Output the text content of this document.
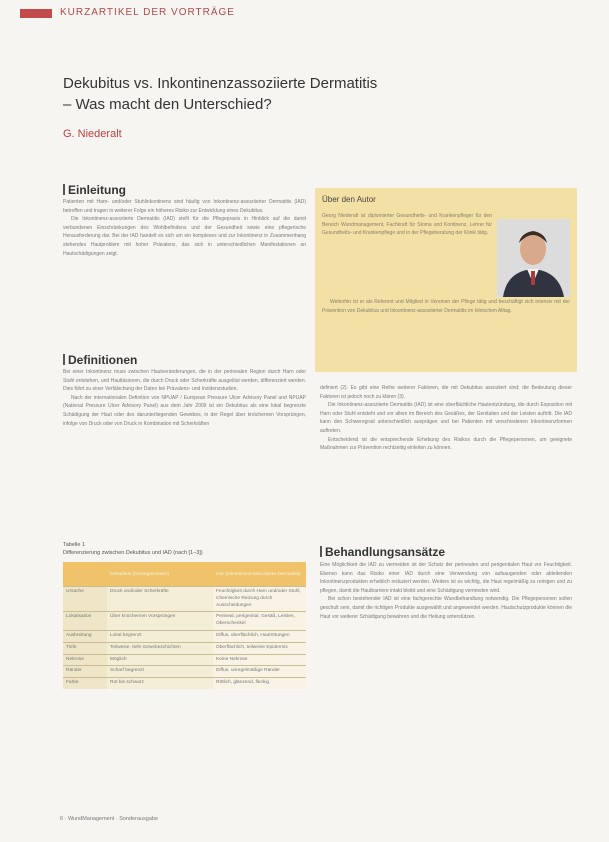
KURZARTIKEL DER VORTRÄGE
Dekubitus vs. Inkontinenzassoziierte Dermatitis
– Was macht den Unterschied?
G. Niederalt
Einleitung
Patienten mit Harn- und/oder Stuhlinkontinenz sind häufig von Inkontinenz-assoziierter Dermatitis (IAD) betroffen und tragen in weiterer Folge ein höheres Risiko zur Entwicklung eines Dekubitus.
Die Inkontinenz-assoziierte Dermatitis (IAD) stellt für die Pflegepraxis in Hinblick auf die damit verbundenen Einschränkungen des Wohlbefindens und der Gesundheit sowie eine pflegerische Herausforderung dar. Bei der IAD handelt es sich um ein komplexes und zur Inkontinenz in Zusammenhang stehendes Hautproblem mit hoher Prävalenz, das sich in unterschiedlichen Manifestationen an Hautschädigungen zeigt.
Über den Autor
Georg Niederalt ist diplomierter Gesundheits- und Krankenpfleger für den Bereich Wundmanagement, Fachkraft für Stoma und Kontinenz, Lehrer für Gesundheits- und Krankenpflege und in der Pflegeberatung der Klinik tätig.
Weiterhin ist er als Referent und Mitglied in Vereinen der Pflege tätig und beschäftigt sich intensiv mit der Prävention von Dekubitus und Inkontinenz-assoziierter Dermatitis im klinischen Alltag.
Definitionen
Bei einer Inkontinenz muss zwischen Hautveränderungen, die in der perinealen Region durch Harn oder Stuhl entstehen, und Hautläsionen, die durch Druck oder Scherkräfte ausgelöst werden, differenziert werden. Dies führt zu einer Verfälschung der Daten bei Prävalenz- und Inzidenzstudien.
Nach der internationalen Definition von NPUAP / European Pressure Ulcer Advisory Panel und NPUAP (National Pressure Ulcer Advisory Panel) aus dem Jahr 2009 ist ein Dekubitus als eine lokal begrenzte Schädigung der Haut oder des darunterliegenden Gewebes, in der Regel über knöchernen Vorsprüngen, infolge von Druck oder von Druck in Kombination mit Scherkräften
definiert (2). Es gibt eine Reihe weiterer Faktoren, die mit Dekubitus assoziiert sind; die Bedeutung dieser Faktoren ist jedoch noch zu klären (3).
Die Inkontinenz-assoziierte Dermatitis (IAD) ist eine oberflächliche Hautentzündung, die durch Exposition mit Harn oder Stuhl entsteht und vor allem im Bereich des Gesäßes, der Genitalien und der Leisten auftritt. Die IAD kann den Schweregrad unterschiedlich ausprägen und bei Patienten mit verschiedenen Inkontinenzformen auftreten.
Entscheidend ist die entsprechende Erhebung des Risikos durch die Pflegepersonen, um geeignete Maßnahmen zur Prävention rechtzeitig einleiten zu können.
Tabelle 1
Differenzierung zwischen Dekubitus und IAD (nach [1–3])
	Dekubitus (Druckgeschwür)	IAD (Inkontinenz-assoziierte Dermatitis)
Ursache	Druck und/oder Scherkräfte	Feuchtigkeit durch Harn und/oder Stuhl, Chemische Reizung durch Ausscheidungen
Lokalisation	Über knöchernen Vorsprüngen	Perineal, perigenital, Gesäß, Leisten, Oberschenkel
Ausbreitung	Lokal begrenzt	Diffus, oberflächlich, Hautrötungen
Tiefe	Teilweise, tiefe Gewebeschichten	Oberflächlich, teilweise Epidermis
Nekrose	Möglich	Keine Nekrose
Ränder	Scharf begrenzt	Diffus, unregelmäßige Ränder
Farbe	Rot bis schwarz	Rötlich, glänzend, fleckig
Behandlungsansätze
Eine Möglichkeit die IAD zu vermeiden ist der Schutz der perinealen und perigenitalen Haut vor Feuchtigkeit. Ebenso kann das Risiko einer IAD durch eine Verwendung von aufsaugenden oder ableitenden Inkontinenzprodukten erheblich reduziert werden. Weiters ist es wichtig, die Haut regelmäßig zu reinigen und zu pflegen, damit die Hautbarriere intakt bleibt und eine Schädigung vermieden wird.
Bei schon bestehender IAD ist eine fachgerechte Wundbehandlung notwendig. Die Pflegepersonen sollen geschult sein, damit die richtigen Produkte ausgewählt und angewendet werden. Hautschutzprodukte können die Haut vor weiterer Schädigung bewahren und die Heilung unterstützen.
6 · WundManagement · Sonderausgabe
